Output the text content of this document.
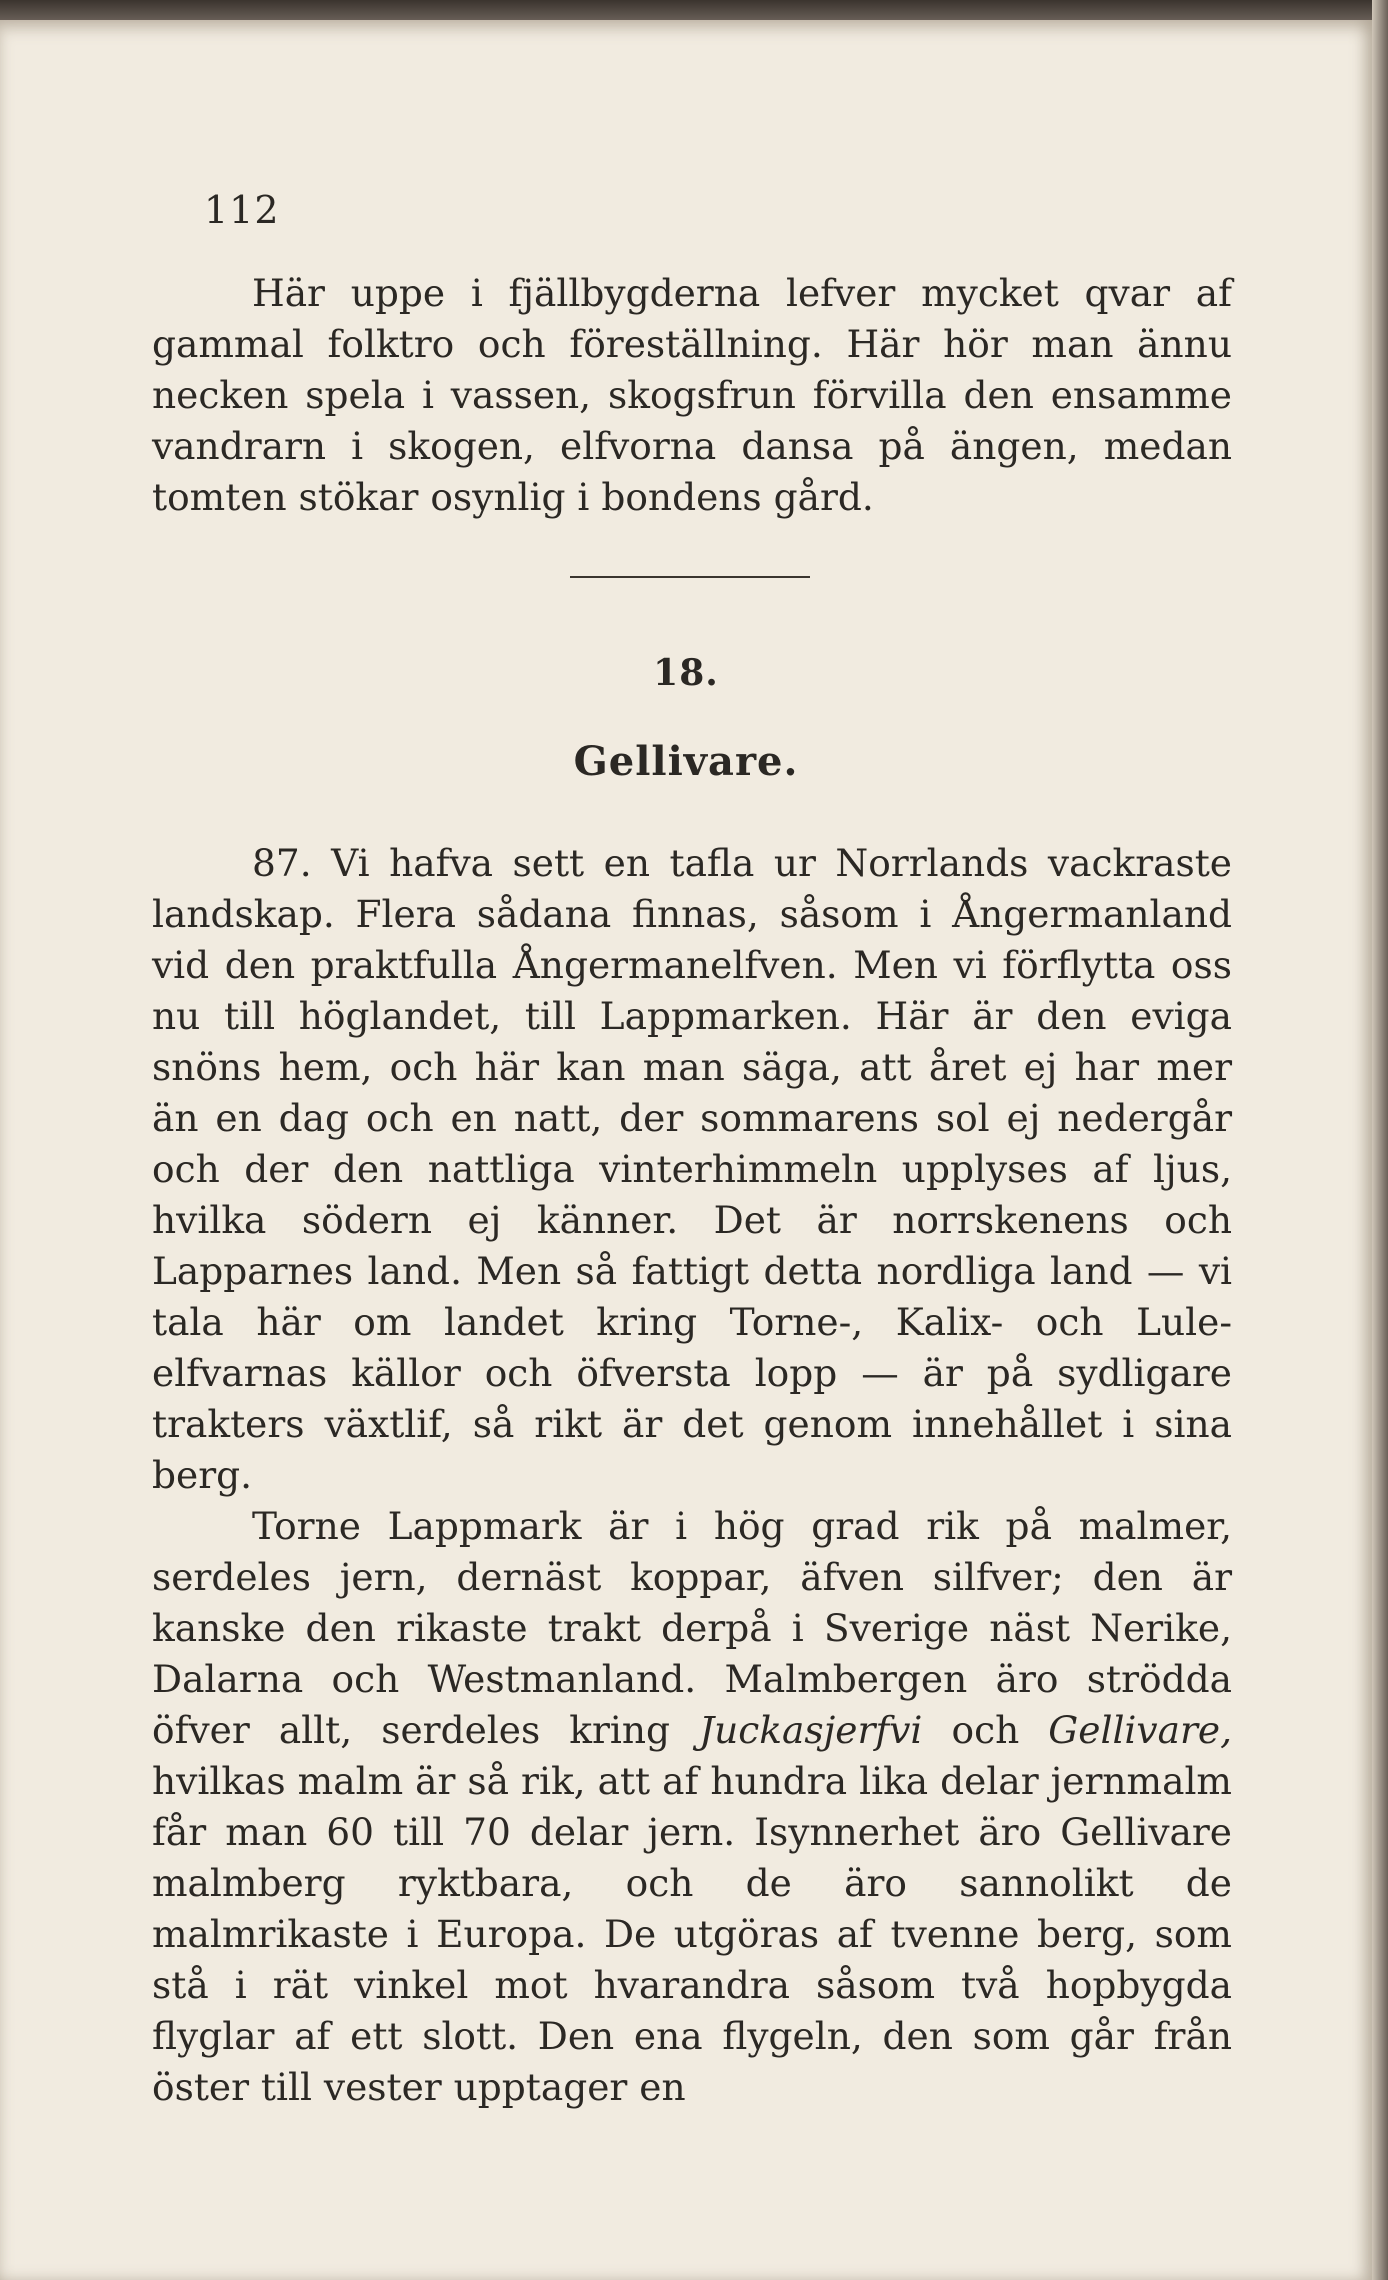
112

Här uppe i fjällbygderna lefver mycket qvar af gammal folktro och föreställning. Här hör man ännu necken spela i vassen, skogsfrun förvilla den ensamme vandrarn i skogen, elfvorna dansa på ängen, medan tomten stökar osynlig i bondens gård.

18.
Gellivare.

87. Vi hafva sett en tafla ur Norrlands vackraste landskap. Flera sådana finnas, såsom i Ångermanland vid den praktfulla Ångermanelfven. Men vi förflytta oss nu till höglandet, till Lappmarken. Här är den eviga snöns hem, och här kan man säga, att året ej har mer än en dag och en natt, der sommarens sol ej nedergår och der den nattliga vinterhimmeln upplyses af ljus, hvilka södern ej känner. Det är norrskenens och Lapparnes land. Men så fattigt detta nordliga land — vi tala här om landet kring Torne-, Kalix- och Lule-elfvarnas källor och öfversta lopp — är på sydligare trakters växtlif, så rikt är det genom innehållet i sina berg.

Torne Lappmark är i hög grad rik på malmer, serdeles jern, dernäst koppar, äfven silfver; den är kanske den rikaste trakt derpå i Sverige näst Nerike, Dalarna och Westmanland. Malmbergen äro strödda öfver allt, serdeles kring Juckasjerfvi och Gellivare, hvilkas malm är så rik, att af hundra lika delar jernmalm får man 60 till 70 delar jern. Isynnerhet äro Gellivare malmberg ryktbara, och de äro sannolikt de malmrikaste i Europa. De utgöras af tvenne berg, som stå i rät vinkel mot hvarandra såsom två hopbygda flyglar af ett slott. Den ena flygeln, den som går från öster till vester upptager en
